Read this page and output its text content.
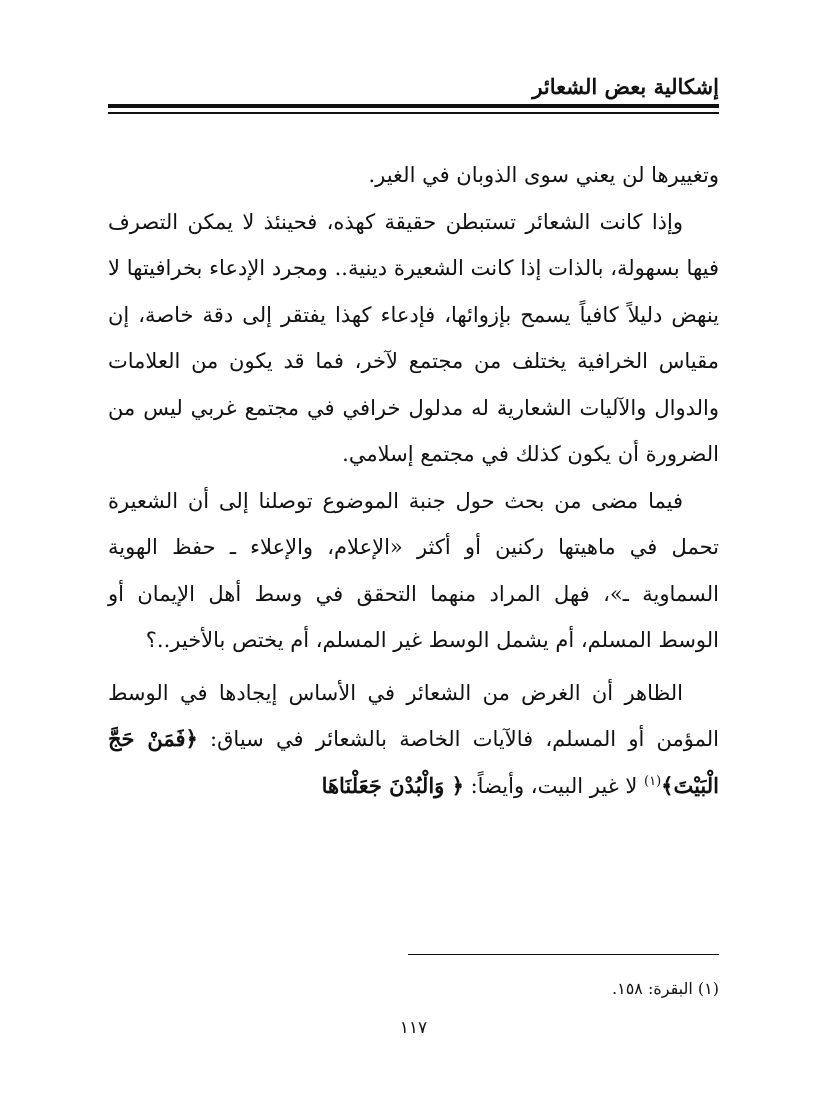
إشكالية بعض الشعائر

وتغييرها لن يعني سوى الذوبان في الغير.

وإذا كانت الشعائر تستبطن حقيقة كهذه، فحينئذ لا يمكن التصرف فيها بسهولة، بالذات إذا كانت الشعيرة دينية.. ومجرد الإدعاء بخرافيتها لا ينهض دليلاً كافياً يسمح بإزوائها، فإدعاء كهذا يفتقر إلى دقة خاصة، إن مقياس الخرافية يختلف من مجتمع لآخر، فما قد يكون من العلامات والدوال والآليات الشعارية له مدلول خرافي في مجتمع غربي ليس من الضرورة أن يكون كذلك في مجتمع إسلامي.

فيما مضى من بحث حول جنبة الموضوع توصلنا إلى أن الشعيرة تحمل في ماهيتها ركنين أو أكثر «الإعلام، والإعلاء ـ حفظ الهوية السماوية ـ»، فهل المراد منهما التحقق في وسط أهل الإيمان أو الوسط المسلم، أم يشمل الوسط غير المسلم، أم يختص بالأخير..؟

الظاهر أن الغرض من الشعائر في الأساس إيجادها في الوسط المؤمن أو المسلم، فالآيات الخاصة بالشعائر في سياق: ﴿فَمَنْ حَجَّ الْبَيْتَ﴾$^{(١)}$ لا غير البيت، وأيضاً: ﴿ وَالْبُدْنَ جَعَلْنَاهَا

(١) البقرة: ١٥٨.
١١٧
